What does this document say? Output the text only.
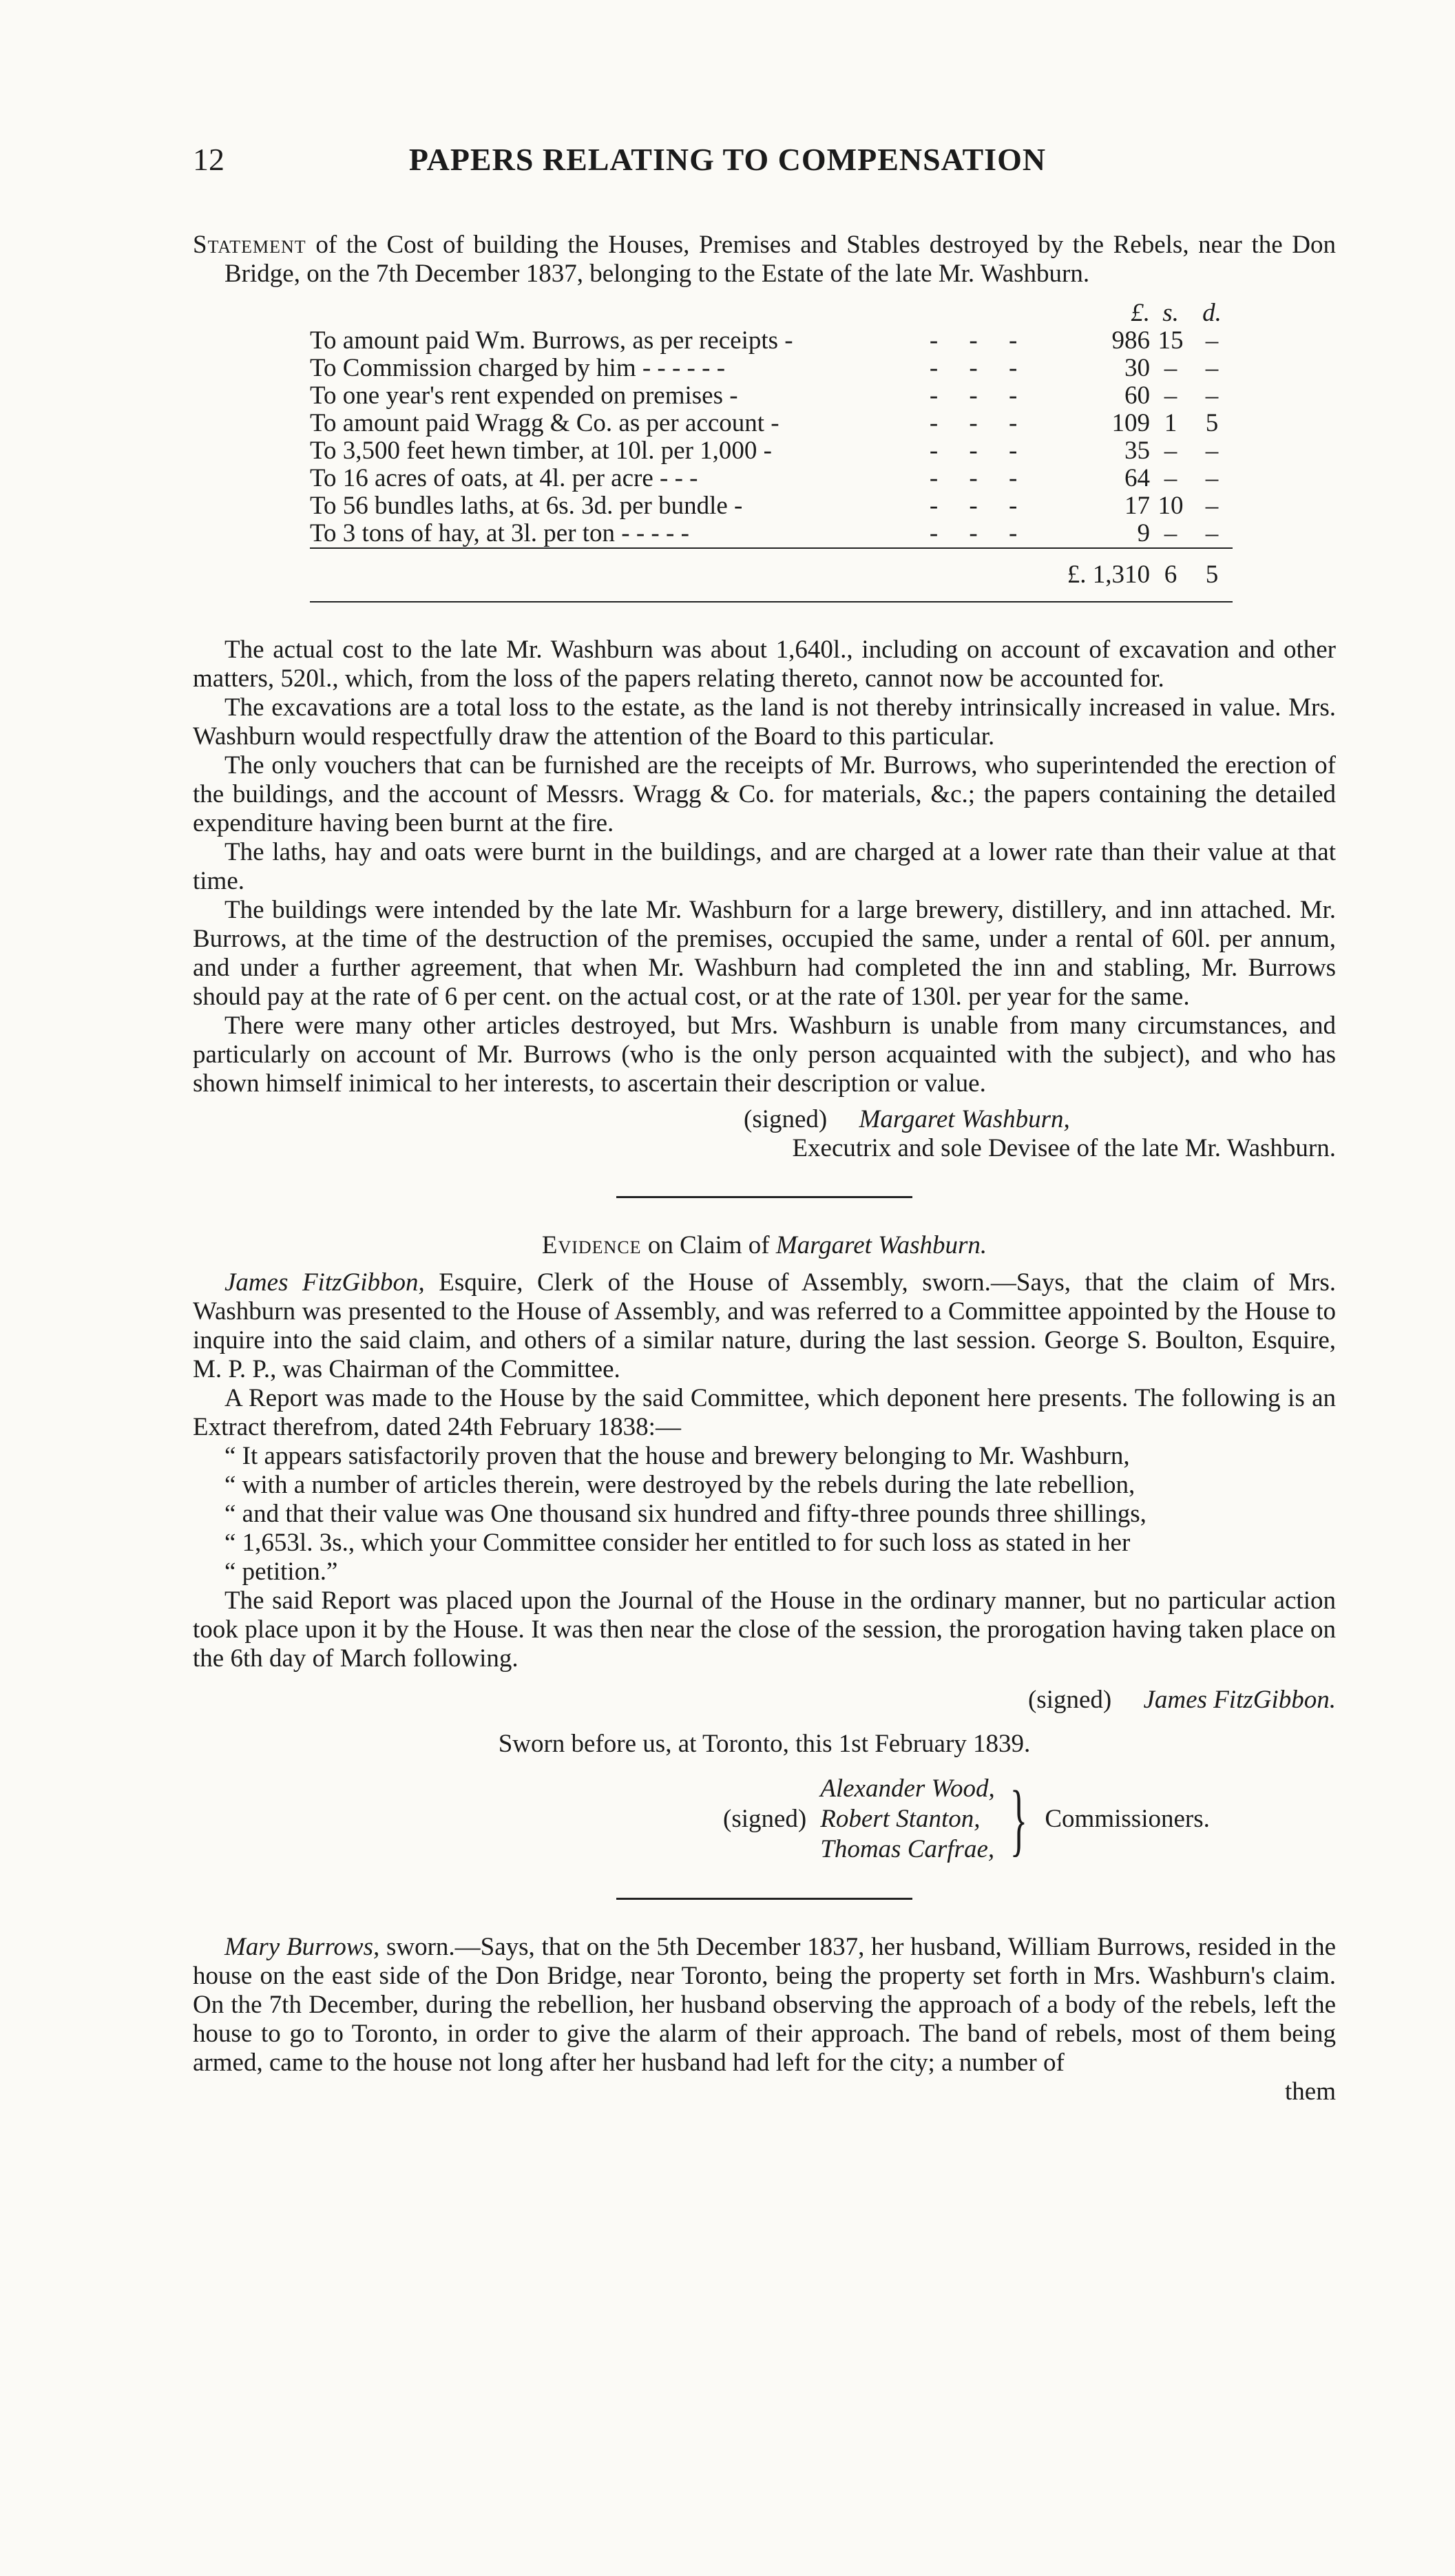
12	PAPERS RELATING TO COMPENSATION

Statement of the Cost of building the Houses, Premises and Stables destroyed by the Rebels, near the Don Bridge, on the 7th December 1837, belonging to the Estate of the late Mr. Washburn.

		£.	s.	d.
To amount paid Wm. Burrows, as per receipts -	- - -	986	15	–
To Commission charged by him - - - - - -	- - -	30	–	–
To one year's rent expended on premises -	- - -	60	–	–
To amount paid Wragg & Co. as per account -	- - -	109	1	5
To 3,500 feet hewn timber, at 10l. per 1,000 -	- - -	35	–	–
To 16 acres of oats, at 4l. per acre - - -	- - -	64	–	–
To 56 bundles laths, at 6s. 3d. per bundle -	- - -	17	10	–
To 3 tons of hay, at 3l. per ton - - - - -	- - -	9	–	–
		£. 1,310	6	5

The actual cost to the late Mr. Washburn was about 1,640l., including on account of excavation and other matters, 520l., which, from the loss of the papers relating thereto, cannot now be accounted for.

The excavations are a total loss to the estate, as the land is not thereby intrinsically increased in value. Mrs. Washburn would respectfully draw the attention of the Board to this particular.

The only vouchers that can be furnished are the receipts of Mr. Burrows, who superintended the erection of the buildings, and the account of Messrs. Wragg & Co. for materials, &c.; the papers containing the detailed expenditure having been burnt at the fire.

The laths, hay and oats were burnt in the buildings, and are charged at a lower rate than their value at that time.

The buildings were intended by the late Mr. Washburn for a large brewery, distillery, and inn attached. Mr. Burrows, at the time of the destruction of the premises, occupied the same, under a rental of 60l. per annum, and under a further agreement, that when Mr. Washburn had completed the inn and stabling, Mr. Burrows should pay at the rate of 6 per cent. on the actual cost, or at the rate of 130l. per year for the same.

There were many other articles destroyed, but Mrs. Washburn is unable from many circumstances, and particularly on account of Mr. Burrows (who is the only person acquainted with the subject), and who has shown himself inimical to her interests, to ascertain their description or value.

(signed) Margaret Washburn,

Executrix and sole Devisee of the late Mr. Washburn.

Evidence on Claim of Margaret Washburn.

James FitzGibbon, Esquire, Clerk of the House of Assembly, sworn.—Says, that the claim of Mrs. Washburn was presented to the House of Assembly, and was referred to a Committee appointed by the House to inquire into the said claim, and others of a similar nature, during the last session. George S. Boulton, Esquire, M. P. P., was Chairman of the Committee.

A Report was made to the House by the said Committee, which deponent here presents. The following is an Extract therefrom, dated 24th February 1838:—

“ It appears satisfactorily proven that the house and brewery belonging to Mr. Washburn,

“ with a number of articles therein, were destroyed by the rebels during the late rebellion,

“ and that their value was One thousand six hundred and fifty-three pounds three shillings,

“ 1,653l. 3s., which your Committee consider her entitled to for such loss as stated in her

“ petition.”

The said Report was placed upon the Journal of the House in the ordinary manner, but no particular action took place upon it by the House. It was then near the close of the session, the prorogation having taken place on the 6th day of March following.

(signed) James FitzGibbon.

Sworn before us, at Toronto, this 1st February 1839.

(signed)
Alexander Wood,
Robert Stanton,
Thomas Carfrae, } Commissioners.

Mary Burrows, sworn.—Says, that on the 5th December 1837, her husband, William Burrows, resided in the house on the east side of the Don Bridge, near Toronto, being the property set forth in Mrs. Washburn's claim. On the 7th December, during the rebellion, her husband observing the approach of a body of the rebels, left the house to go to Toronto, in order to give the alarm of their approach. The band of rebels, most of them being armed, came to the house not long after her husband had left for the city; a number of

them
